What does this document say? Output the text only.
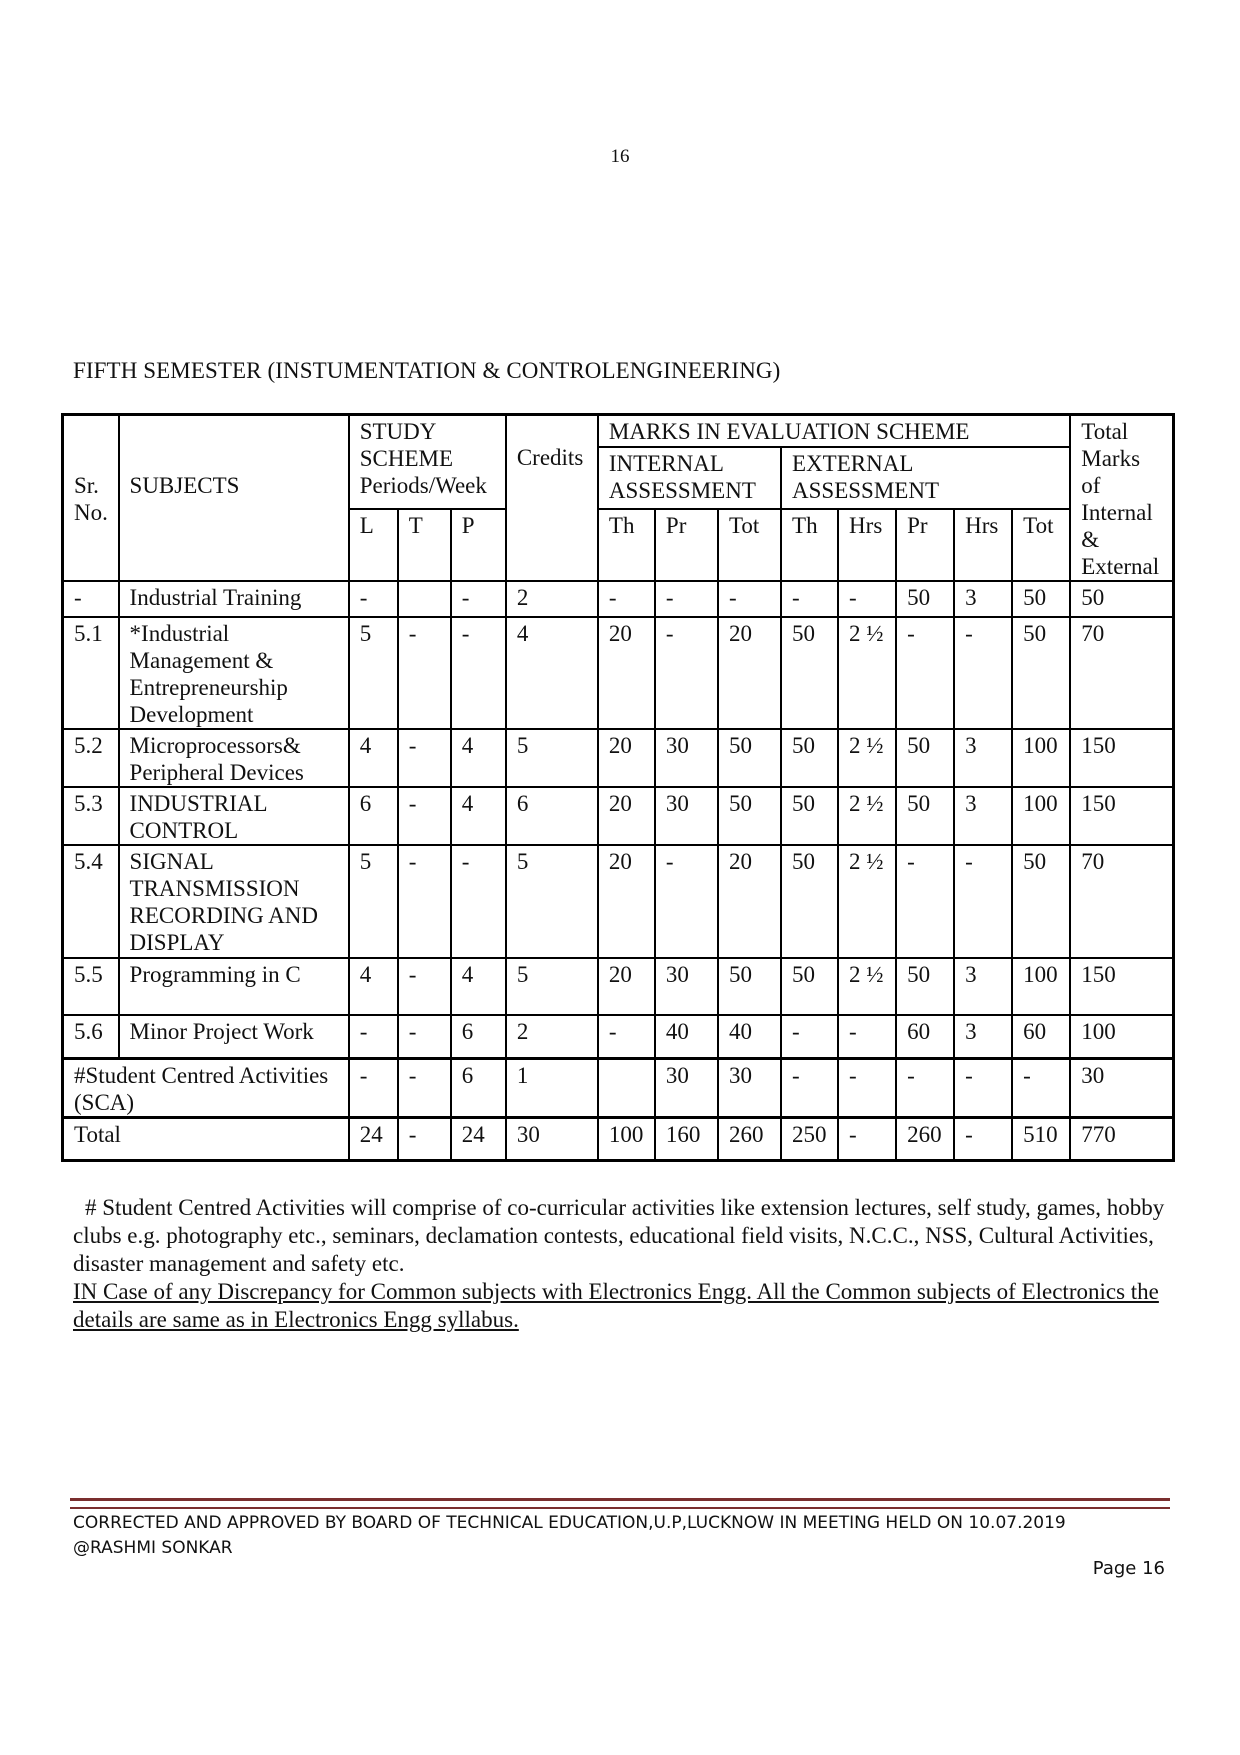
16
FIFTH SEMESTER (INSTUMENTATION & CONTROLENGINEERING)
Sr. No.	SUBJECTS	STUDY SCHEME Periods/Week			Credits	MARKS IN EVALUATION SCHEME								Total Marks of Internal & External
						INTERNAL ASSESSMENT			EXTERNAL ASSESSMENT					
		L	T	P		Th	Pr	Tot	Th	Hrs	Pr	Hrs	Tot	
-	Industrial Training	-		-	2	-	-	-	-	-	50	3	50	50
5.1	*Industrial Management & Entrepreneurship Development	5	-	-	4	20	-	20	50	2 ½	-	-	50	70
5.2	Microprocessors& Peripheral Devices	4	-	4	5	20	30	50	50	2 ½	50	3	100	150
5.3	INDUSTRIAL CONTROL	6	-	4	6	20	30	50	50	2 ½	50	3	100	150
5.4	SIGNAL TRANSMISSION RECORDING AND DISPLAY	5	-	-	5	20	-	20	50	2 ½	-	-	50	70
5.5	Programming in C	4	-	4	5	20	30	50	50	2 ½	50	3	100	150
5.6	Minor Project Work	-	-	6	2	-	40	40	-	-	60	3	60	100
#Student Centred Activities (SCA)		-	-	6	1		30	30	-	-	-	-	-	30
Total		24	-	24	30	100	160	260	250	-	260	-	510	770
# Student Centred Activities will comprise of co-curricular activities like extension lectures, self study, games, hobby clubs e.g. photography etc., seminars, declamation contests, educational field visits, N.C.C., NSS, Cultural Activities, disaster management and safety etc.
IN Case of any Discrepancy for Common subjects with Electronics Engg. All the Common subjects of Electronics the details are same as in Electronics Engg syllabus.
CORRECTED AND APPROVED BY BOARD OF TECHNICAL EDUCATION,U.P,LUCKNOW IN MEETING HELD ON 10.07.2019
@RASHMI SONKAR
Page 16
